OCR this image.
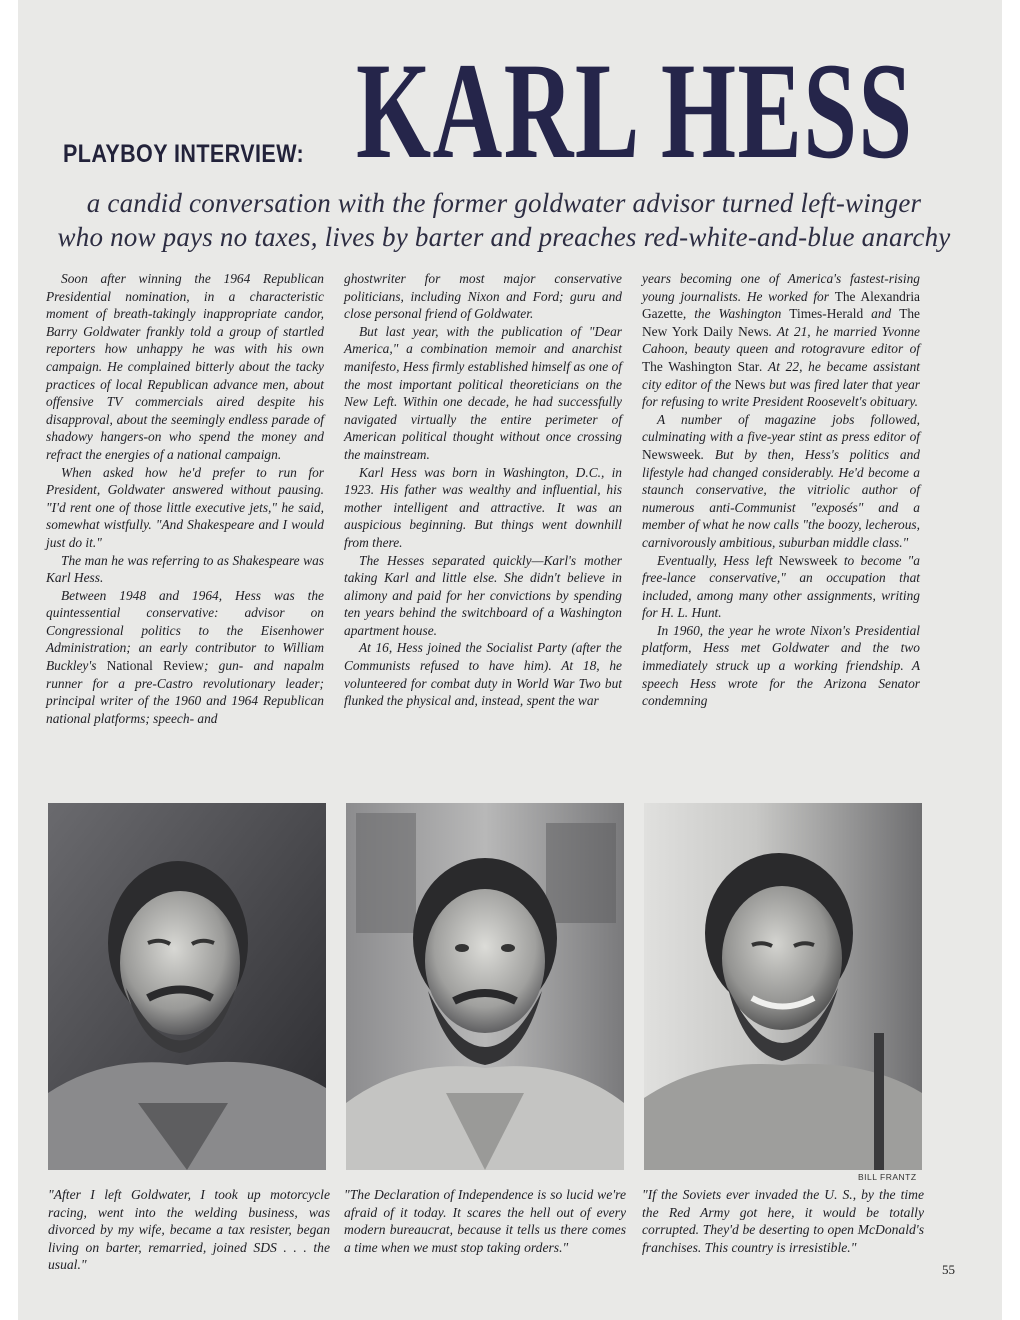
PLAYBOY INTERVIEW: KARL HESS
a candid conversation with the former goldwater advisor turned left-winger
who now pays no taxes, lives by barter and preaches red-white-and-blue anarchy

Soon after winning the 1964 Republican Presidential nomination, in a characteristic moment of breath-takingly inappropriate candor, Barry Goldwater frankly told a group of startled reporters how unhappy he was with his own campaign. He complained bitterly about the tacky practices of local Republican advance men, about offensive TV commercials aired despite his disapproval, about the seemingly endless parade of shadowy hangers-on who spend the money and refract the energies of a national campaign.

When asked how he'd prefer to run for President, Goldwater answered without pausing. "I'd rent one of those little executive jets," he said, somewhat wistfully. "And Shakespeare and I would just do it."

The man he was referring to as Shakespeare was Karl Hess.

Between 1948 and 1964, Hess was the quintessential conservative: advisor on Congressional politics to the Eisenhower Administration; an early contributor to William Buckley's National Review; gun- and napalm runner for a pre-Castro revolutionary leader; principal writer of the 1960 and 1964 Republican national platforms; speech- and

ghostwriter for most major conservative politicians, including Nixon and Ford; guru and close personal friend of Goldwater.

But last year, with the publication of "Dear America," a combination memoir and anarchist manifesto, Hess firmly established himself as one of the most important political theoreticians on the New Left. Within one decade, he had successfully navigated virtually the entire perimeter of American political thought without once crossing the mainstream.

Karl Hess was born in Washington, D.C., in 1923. His father was wealthy and influential, his mother intelligent and attractive. It was an auspicious beginning. But things went downhill from there.

The Hesses separated quickly—Karl's mother taking Karl and little else. She didn't believe in alimony and paid for her convictions by spending ten years behind the switchboard of a Washington apartment house.

At 16, Hess joined the Socialist Party (after the Communists refused to have him). At 18, he volunteered for combat duty in World War Two but flunked the physical and, instead, spent the war

years becoming one of America's fastest-rising young journalists. He worked for The Alexandria Gazette, the Washington Times-Herald and The New York Daily News. At 21, he married Yvonne Cahoon, beauty queen and rotogravure editor of The Washington Star. At 22, he became assistant city editor of the News but was fired later that year for refusing to write President Roosevelt's obituary.

A number of magazine jobs followed, culminating with a five-year stint as press editor of Newsweek. But by then, Hess's politics and lifestyle had changed considerably. He'd become a staunch conservative, the vitriolic author of numerous anti-Communist "exposés" and a member of what he now calls "the boozy, lecherous, carnivorously ambitious, suburban middle class."

Eventually, Hess left Newsweek to become "a free-lance conservative," an occupation that included, among many other assignments, writing for H. L. Hunt.

In 1960, the year he wrote Nixon's Presidential platform, Hess met Goldwater and the two immediately struck up a working friendship. A speech Hess wrote for the Arizona Senator condemning

BILL FRANTZ
"After I left Goldwater, I took up motorcycle racing, went into the welding business, was divorced by my wife, became a tax resister, began living on barter, remarried, joined SDS . . . the usual."
"The Declaration of Independence is so lucid we're afraid of it today. It scares the hell out of every modern bureaucrat, because it tells us there comes a time when we must stop taking orders."
"If the Soviets ever invaded the U. S., by the time the Red Army got here, it would be totally corrupted. They'd be deserting to open McDonald's franchises. This country is irresistible."
55
